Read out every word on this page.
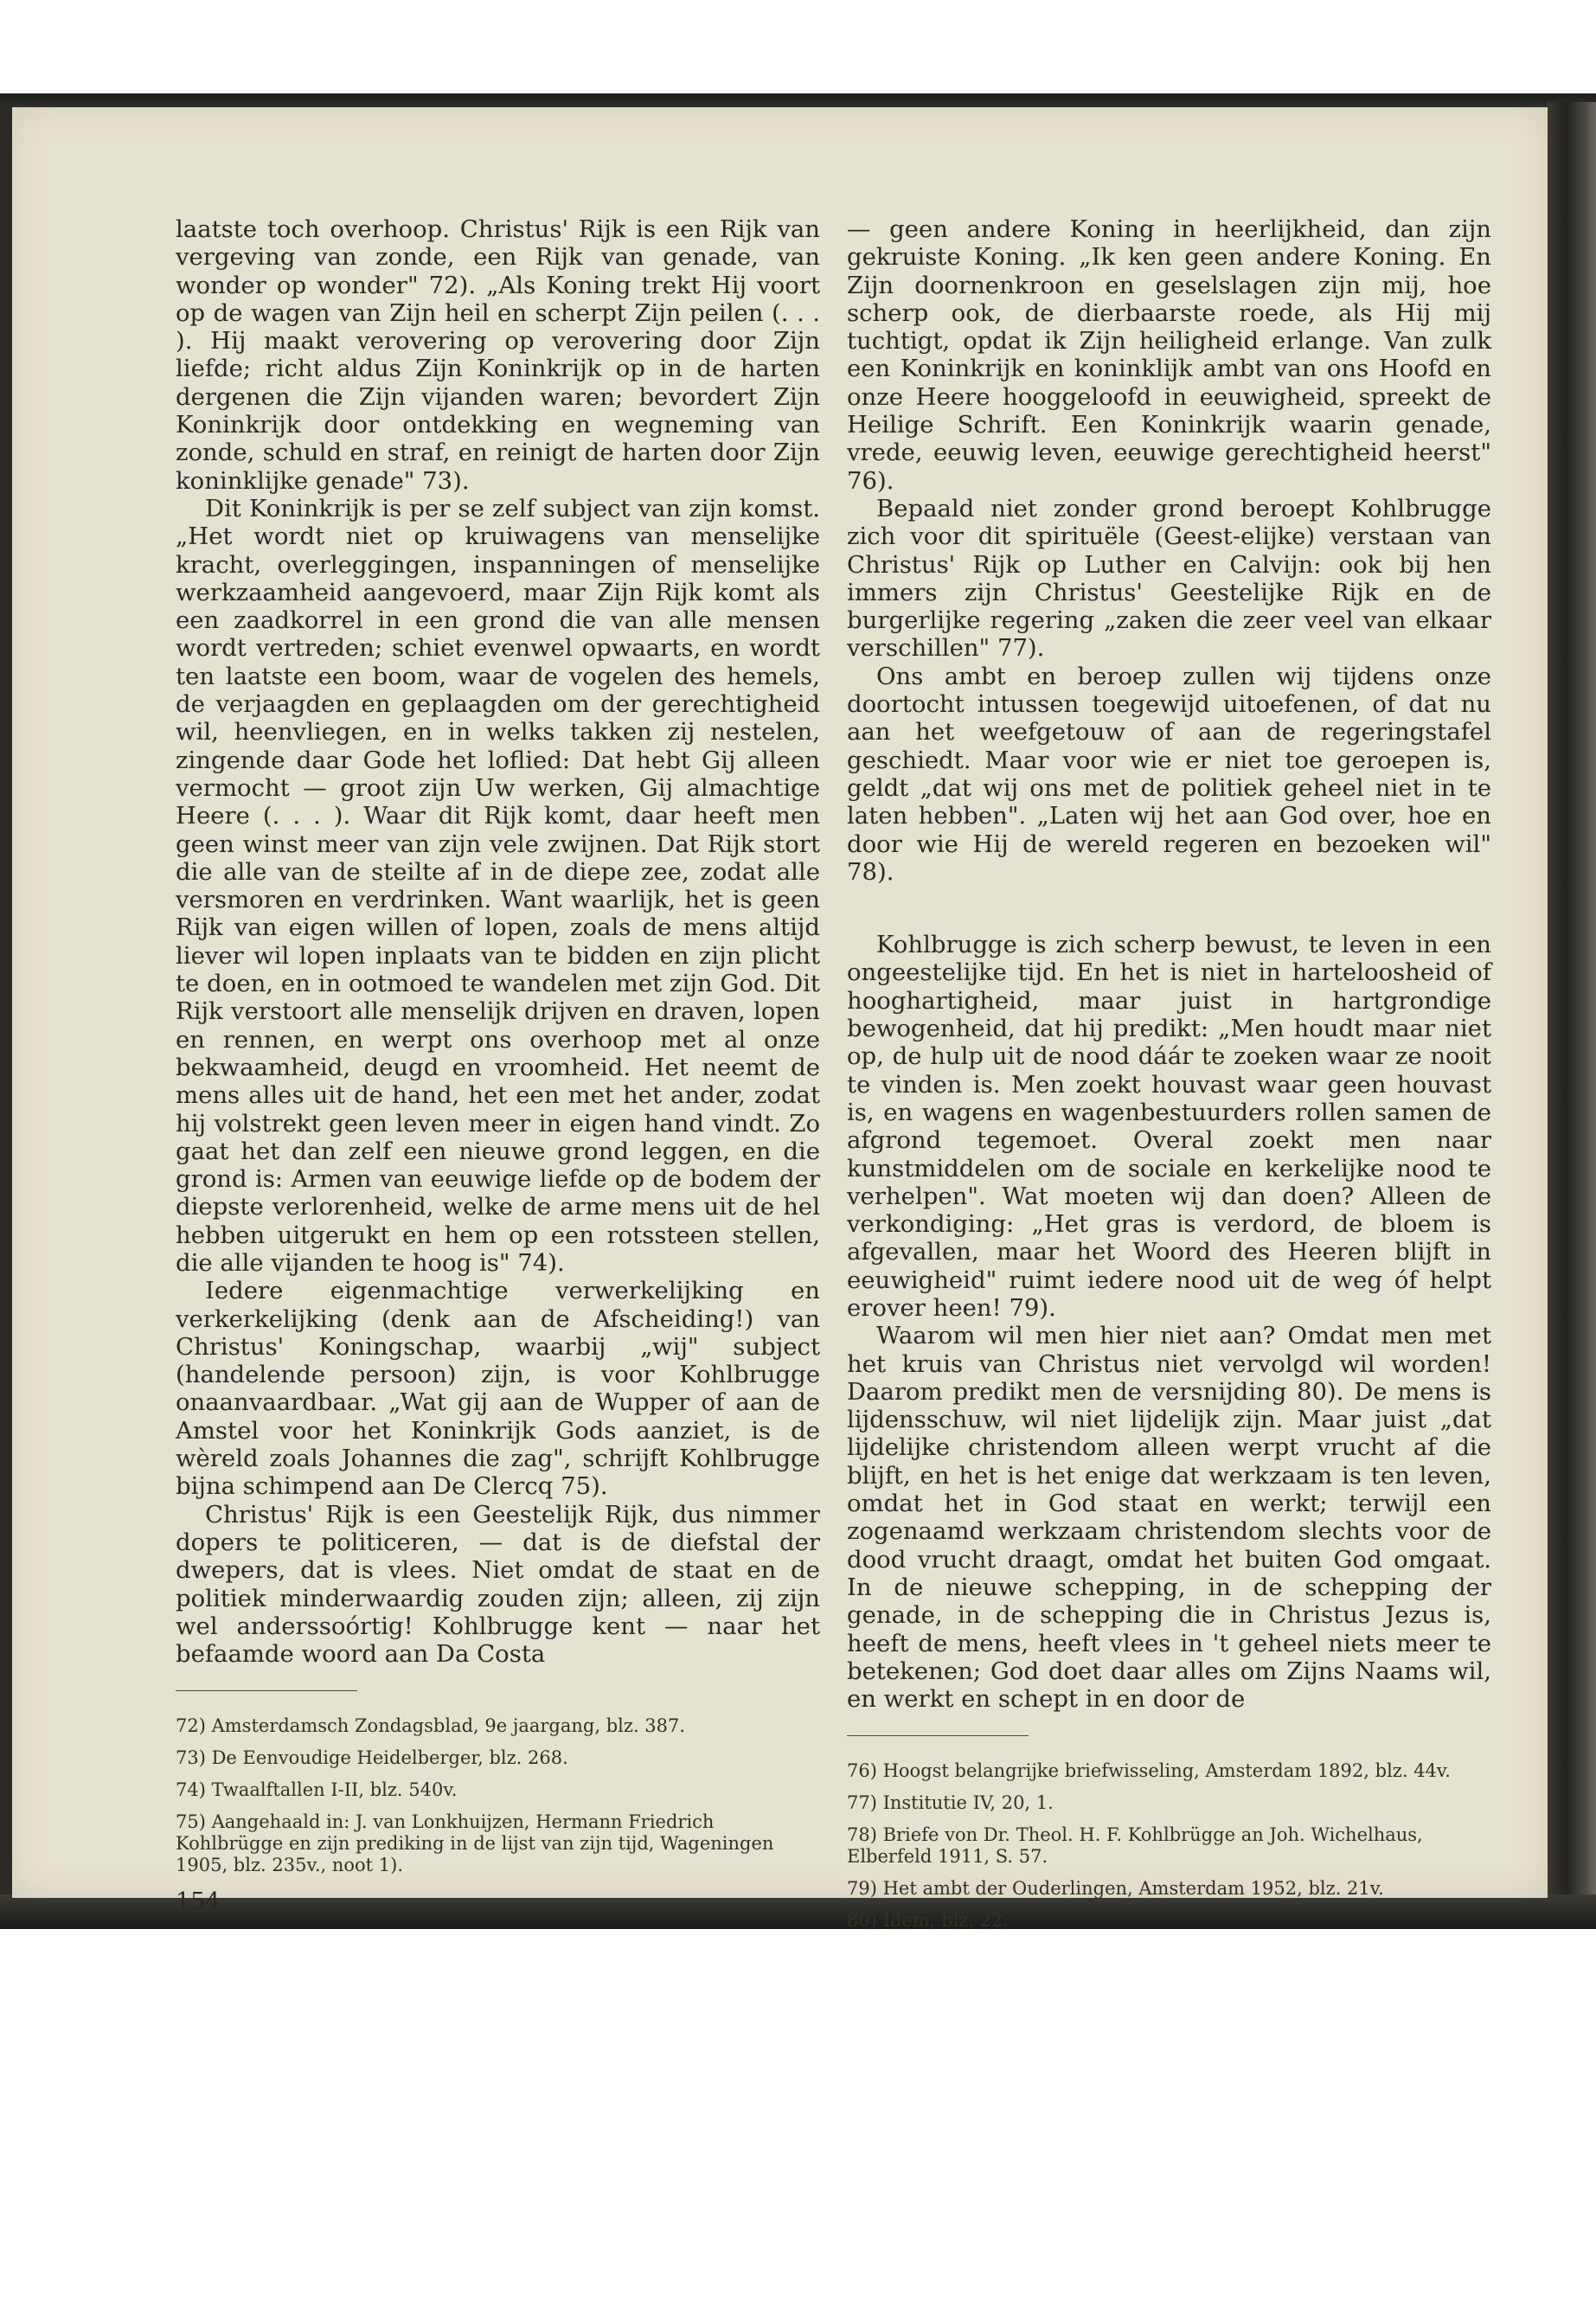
laatste toch overhoop. Christus' Rijk is een Rijk van vergeving van zonde, een Rijk van genade, van wonder op wonder" 72). „Als Koning trekt Hij voort op de wagen van Zijn heil en scherpt Zijn peilen (. . . ). Hij maakt verovering op verovering door Zijn liefde; richt aldus Zijn Koninkrijk op in de harten dergenen die Zijn vijanden waren; bevordert Zijn Koninkrijk door ontdekking en wegneming van zonde, schuld en straf, en reinigt de harten door Zijn koninklijke genade" 73).

Dit Koninkrijk is per se zelf subject van zijn komst. „Het wordt niet op kruiwagens van menselijke kracht, overleggingen, inspanningen of menselijke werkzaamheid aangevoerd, maar Zijn Rijk komt als een zaadkorrel in een grond die van alle mensen wordt vertreden; schiet evenwel opwaarts, en wordt ten laatste een boom, waar de vogelen des hemels, de verjaagden en geplaagden om der gerechtigheid wil, heenvliegen, en in welks takken zij nestelen, zingende daar Gode het loflied: Dat hebt Gij alleen vermocht — groot zijn Uw werken, Gij almachtige Heere (. . . ). Waar dit Rijk komt, daar heeft men geen winst meer van zijn vele zwijnen. Dat Rijk stort die alle van de steilte af in de diepe zee, zodat alle versmoren en verdrinken. Want waarlijk, het is geen Rijk van eigen willen of lopen, zoals de mens altijd liever wil lopen inplaats van te bidden en zijn plicht te doen, en in ootmoed te wandelen met zijn God. Dit Rijk verstoort alle menselijk drijven en draven, lopen en rennen, en werpt ons overhoop met al onze bekwaamheid, deugd en vroomheid. Het neemt de mens alles uit de hand, het een met het ander, zodat hij volstrekt geen leven meer in eigen hand vindt. Zo gaat het dan zelf een nieuwe grond leggen, en die grond is: Armen van eeuwige liefde op de bodem der diepste verlorenheid, welke de arme mens uit de hel hebben uitgerukt en hem op een rotssteen stellen, die alle vijanden te hoog is" 74).

Iedere eigenmachtige verwerkelijking en verkerkelijking (denk aan de Afscheiding!) van Christus' Koningschap, waarbij „wij" subject (handelende persoon) zijn, is voor Kohlbrugge onaanvaardbaar. „Wat gij aan de Wupper of aan de Amstel voor het Koninkrijk Gods aanziet, is de wèreld zoals Johannes die zag", schrijft Kohlbrugge bijna schimpend aan De Clercq 75).

Christus' Rijk is een Geestelijk Rijk, dus nimmer dopers te politiceren, — dat is de diefstal der dwepers, dat is vlees. Niet omdat de staat en de politiek minderwaardig zouden zijn; alleen, zij zijn wel anderssoórtig! Kohlbrugge kent — naar het befaamde woord aan Da Costa

72) Amsterdamsch Zondagsblad, 9e jaargang, blz. 387.

73) De Eenvoudige Heidelberger, blz. 268.

74) Twaalftallen I-II, blz. 540v.

75) Aangehaald in: J. van Lonkhuijzen, Hermann Friedrich Kohlbrügge en zijn prediking in de lijst van zijn tijd, Wageningen 1905, blz. 235v., noot 1).

154

— geen andere Koning in heerlijkheid, dan zijn gekruiste Koning. „Ik ken geen andere Koning. En Zijn doornenkroon en geselslagen zijn mij, hoe scherp ook, de dierbaarste roede, als Hij mij tuchtigt, opdat ik Zijn heiligheid erlange. Van zulk een Koninkrijk en koninklijk ambt van ons Hoofd en onze Heere hooggeloofd in eeuwigheid, spreekt de Heilige Schrift. Een Koninkrijk waarin genade, vrede, eeuwig leven, eeuwige gerechtigheid heerst" 76).

Bepaald niet zonder grond beroept Kohlbrugge zich voor dit spirituële (Geest-elijke) verstaan van Christus' Rijk op Luther en Calvijn: ook bij hen immers zijn Christus' Geestelijke Rijk en de burgerlijke regering „zaken die zeer veel van elkaar verschillen" 77).

Ons ambt en beroep zullen wij tijdens onze doortocht intussen toegewijd uitoefenen, of dat nu aan het weefgetouw of aan de regeringstafel geschiedt. Maar voor wie er niet toe geroepen is, geldt „dat wij ons met de politiek geheel niet in te laten hebben". „Laten wij het aan God over, hoe en door wie Hij de wereld regeren en bezoeken wil" 78).

Kohlbrugge is zich scherp bewust, te leven in een ongeestelijke tijd. En het is niet in harteloosheid of hooghartigheid, maar juist in hartgrondige bewogenheid, dat hij predikt: „Men houdt maar niet op, de hulp uit de nood dáár te zoeken waar ze nooit te vinden is. Men zoekt houvast waar geen houvast is, en wagens en wagenbestuurders rollen samen de afgrond tegemoet. Overal zoekt men naar kunstmiddelen om de sociale en kerkelijke nood te verhelpen". Wat moeten wij dan doen? Alleen de verkondiging: „Het gras is verdord, de bloem is afgevallen, maar het Woord des Heeren blijft in eeuwigheid" ruimt iedere nood uit de weg óf helpt erover heen! 79).

Waarom wil men hier niet aan? Omdat men met het kruis van Christus niet vervolgd wil worden! Daarom predikt men de versnijding 80). De mens is lijdensschuw, wil niet lijdelijk zijn. Maar juist „dat lijdelijke christendom alleen werpt vrucht af die blijft, en het is het enige dat werkzaam is ten leven, omdat het in God staat en werkt; terwijl een zogenaamd werkzaam christendom slechts voor de dood vrucht draagt, omdat het buiten God omgaat. In de nieuwe schepping, in de schepping der genade, in de schepping die in Christus Jezus is, heeft de mens, heeft vlees in 't geheel niets meer te betekenen; God doet daar alles om Zijns Naams wil, en werkt en schept in en door de

76) Hoogst belangrijke briefwisseling, Amsterdam 1892, blz. 44v.

77) Institutie IV, 20, 1.

78) Briefe von Dr. Theol. H. F. Kohlbrügge an Joh. Wichelhaus, Elberfeld 1911, S. 57.

79) Het ambt der Ouderlingen, Amsterdam 1952, blz. 21v.

80) Idem, blz. 22.
